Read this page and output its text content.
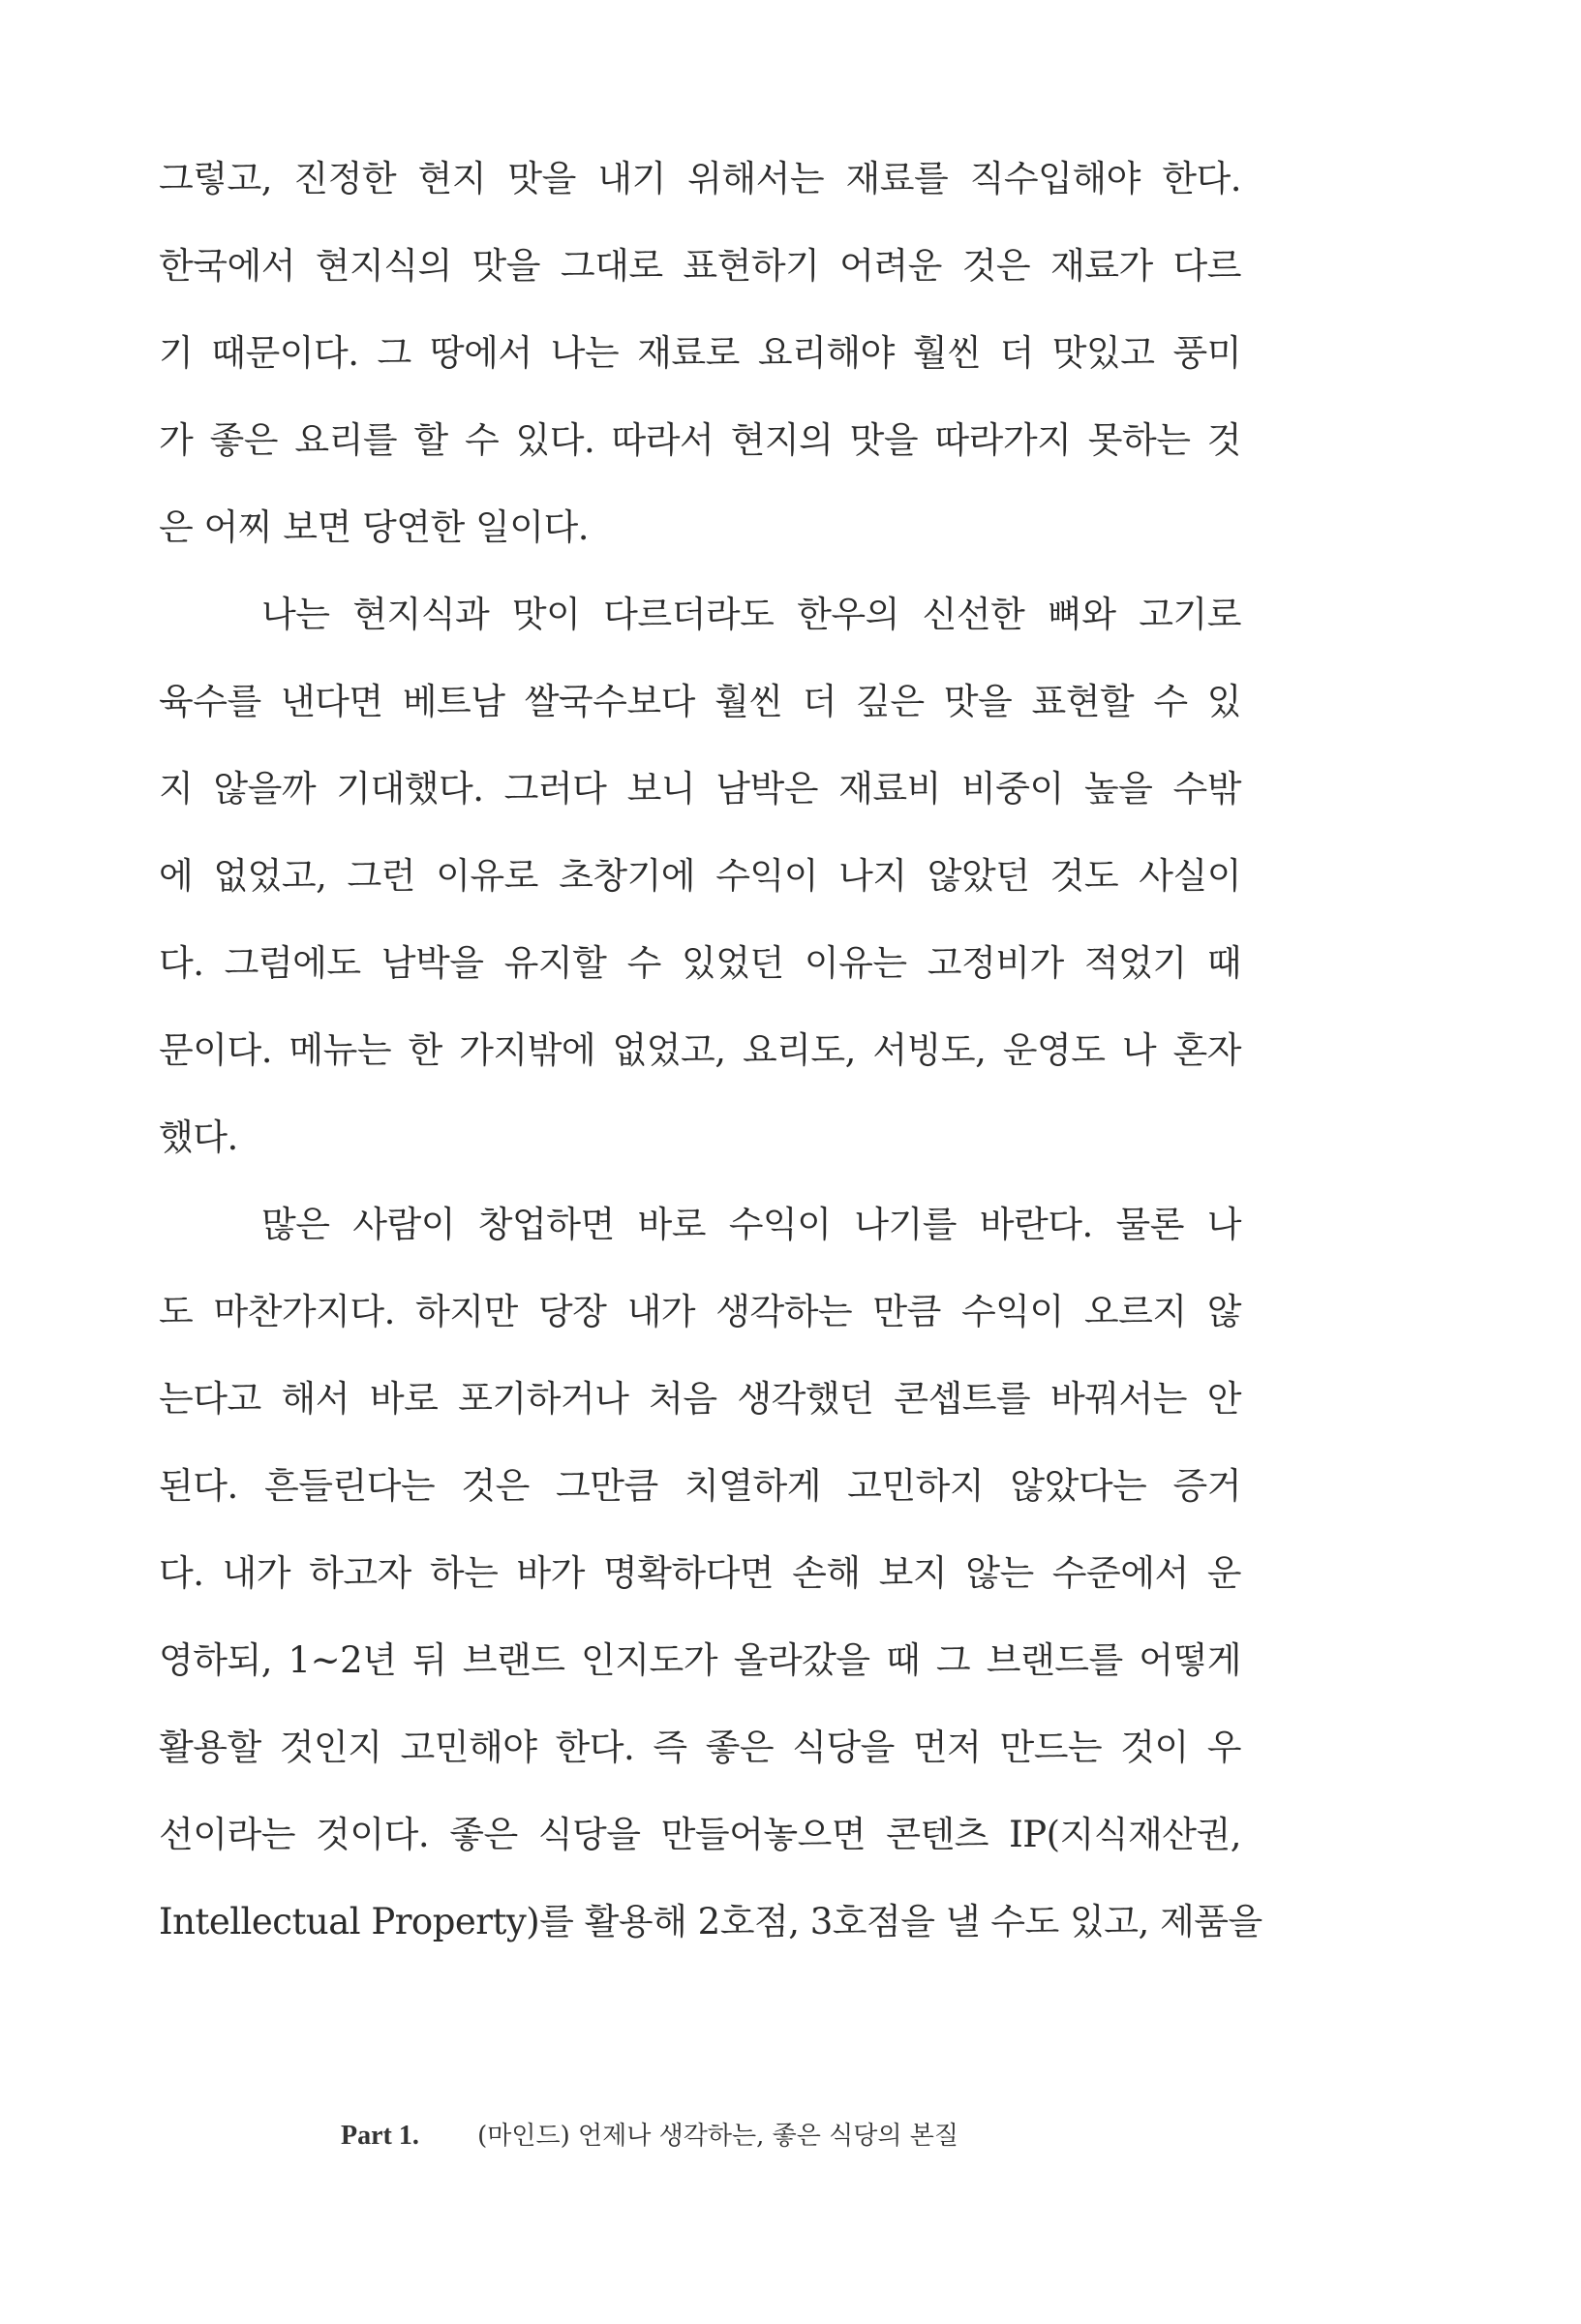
그렇고, 진정한 현지 맛을 내기 위해서는 재료를 직수입해야 한다.
한국에서 현지식의 맛을 그대로 표현하기 어려운 것은 재료가 다르
기 때문이다. 그 땅에서 나는 재료로 요리해야 훨씬 더 맛있고 풍미
가 좋은 요리를 할 수 있다. 따라서 현지의 맛을 따라가지 못하는 것
은 어찌 보면 당연한 일이다.
나는 현지식과 맛이 다르더라도 한우의 신선한 뼈와 고기로
육수를 낸다면 베트남 쌀국수보다 훨씬 더 깊은 맛을 표현할 수 있
지 않을까 기대했다. 그러다 보니 남박은 재료비 비중이 높을 수밖
에 없었고, 그런 이유로 초창기에 수익이 나지 않았던 것도 사실이
다. 그럼에도 남박을 유지할 수 있었던 이유는 고정비가 적었기 때
문이다. 메뉴는 한 가지밖에 없었고, 요리도, 서빙도, 운영도 나 혼자
했다.
많은 사람이 창업하면 바로 수익이 나기를 바란다. 물론 나
도 마찬가지다. 하지만 당장 내가 생각하는 만큼 수익이 오르지 않
는다고 해서 바로 포기하거나 처음 생각했던 콘셉트를 바꿔서는 안
된다. 흔들린다는 것은 그만큼 치열하게 고민하지 않았다는 증거
다. 내가 하고자 하는 바가 명확하다면 손해 보지 않는 수준에서 운
영하되, 1~2년 뒤 브랜드 인지도가 올라갔을 때 그 브랜드를 어떻게
활용할 것인지 고민해야 한다. 즉 좋은 식당을 먼저 만드는 것이 우
선이라는 것이다. 좋은 식당을 만들어놓으면 콘텐츠 IP(지식재산권,
Intellectual Property)를 활용해 2호점, 3호점을 낼 수도 있고, 제품을
Part 1. (마인드) 언제나 생각하는, 좋은 식당의 본질
